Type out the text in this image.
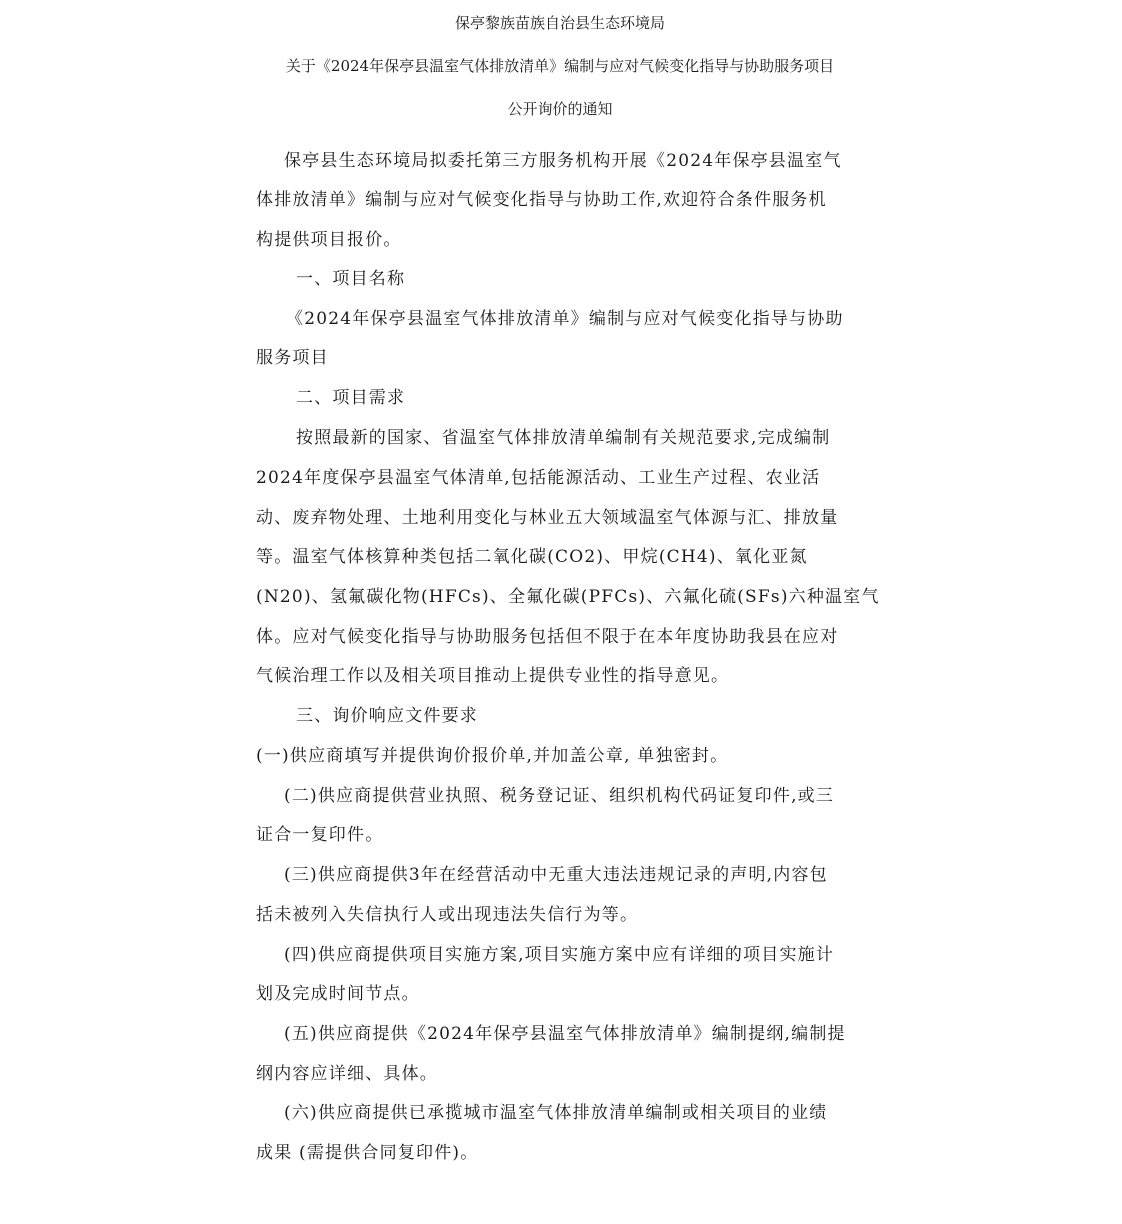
保亭黎族苗族自治县生态环境局
关于《2024年保亭县温室气体排放清单》编制与应对气候变化指导与协助服务项目
公开询价的通知
保亭县生态环境局拟委托第三方服务机构开展《2024年保亭县温室气
体排放清单》编制与应对气候变化指导与协助工作,欢迎符合条件服务机
构提供项目报价。
一、项目名称
《2024年保亭县温室气体排放清单》编制与应对气候变化指导与协助
服务项目
二、项目需求
按照最新的国家、省温室气体排放清单编制有关规范要求,完成编制
2024年度保亭县温室气体清单,包括能源活动、工业生产过程、农业活
动、废弃物处理、土地利用变化与林业五大领域温室气体源与汇、排放量
等。温室气体核算种类包括二氧化碳(CO2)、甲烷(CH4)、氧化亚氮
(N20)、氢氟碳化物(HFCs)、全氟化碳(PFCs)、六氟化硫(SFs)六种温室气
体。应对气候变化指导与协助服务包括但不限于在本年度协助我县在应对
气候治理工作以及相关项目推动上提供专业性的指导意见。
三、询价响应文件要求
(一)供应商填写并提供询价报价单,并加盖公章, 单独密封。
(二)供应商提供营业执照、税务登记证、组织机构代码证复印件,或三
证合一复印件。
(三)供应商提供3年在经营活动中无重大违法违规记录的声明,内容包
括未被列入失信执行人或出现违法失信行为等。
(四)供应商提供项目实施方案,项目实施方案中应有详细的项目实施计
划及完成时间节点。
(五)供应商提供《2024年保亭县温室气体排放清单》编制提纲,编制提
纲内容应详细、具体。
(六)供应商提供已承揽城市温室气体排放清单编制或相关项目的业绩
成果 (需提供合同复印件)。
